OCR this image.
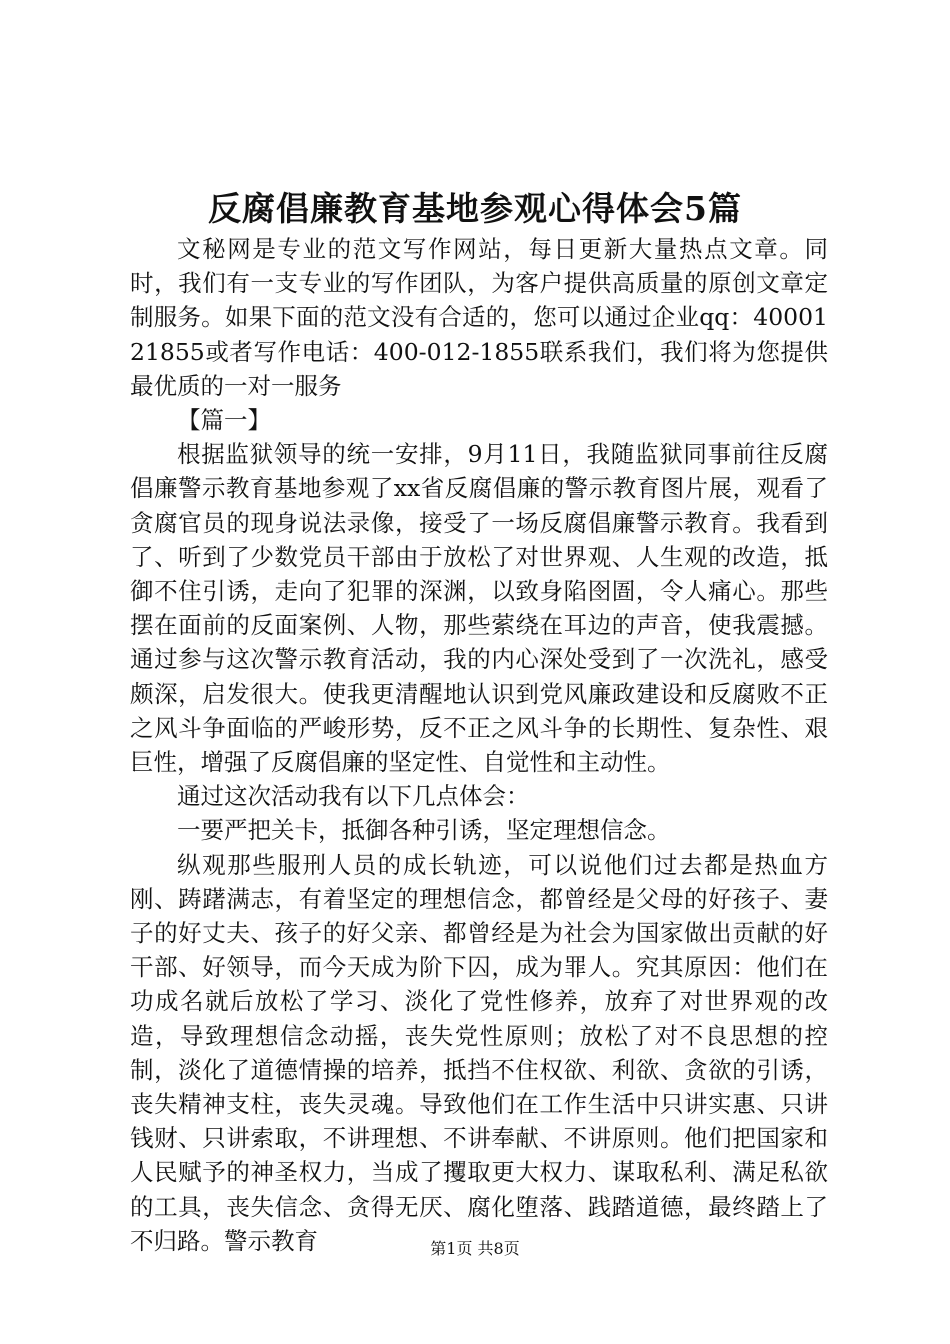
反腐倡廉教育基地参观心得体会5篇

文秘网是专业的范文写作网站，每日更新大量热点文章。同时，我们有一支专业的写作团队，为客户提供高质量的原创文章定制服务。如果下面的范文没有合适的，您可以通过企业qq：4000121855或者写作电话：400-012-1855联系我们，我们将为您提供最优质的一对一服务

【篇一】

根据监狱领导的统一安排，9月11日，我随监狱同事前往反腐倡廉警示教育基地参观了xx省反腐倡廉的警示教育图片展，观看了贪腐官员的现身说法录像，接受了一场反腐倡廉警示教育。我看到了、听到了少数党员干部由于放松了对世界观、人生观的改造，抵御不住引诱，走向了犯罪的深渊，以致身陷囹圄，令人痛心。那些摆在面前的反面案例、人物，那些萦绕在耳边的声音，使我震撼。通过参与这次警示教育活动，我的内心深处受到了一次洗礼，感受颇深，启发很大。使我更清醒地认识到党风廉政建设和反腐败不正之风斗争面临的严峻形势，反不正之风斗争的长期性、复杂性、艰巨性，增强了反腐倡廉的坚定性、自觉性和主动性。

通过这次活动我有以下几点体会：

一要严把关卡，抵御各种引诱，坚定理想信念。

纵观那些服刑人员的成长轨迹，可以说他们过去都是热血方刚、踌躇满志，有着坚定的理想信念，都曾经是父母的好孩子、妻子的好丈夫、孩子的好父亲、都曾经是为社会为国家做出贡献的好干部、好领导，而今天成为阶下囚，成为罪人。究其原因：他们在功成名就后放松了学习、淡化了党性修养，放弃了对世界观的改造，导致理想信念动摇，丧失党性原则；放松了对不良思想的控制，淡化了道德情操的培养，抵挡不住权欲、利欲、贪欲的引诱，丧失精神支柱，丧失灵魂。导致他们在工作生活中只讲实惠、只讲钱财、只讲索取，不讲理想、不讲奉献、不讲原则。他们把国家和人民赋予的神圣权力，当成了攫取更大权力、谋取私利、满足私欲的工具，丧失信念、贪得无厌、腐化堕落、践踏道德，最终踏上了不归路。警示教育	第1页 共8页
